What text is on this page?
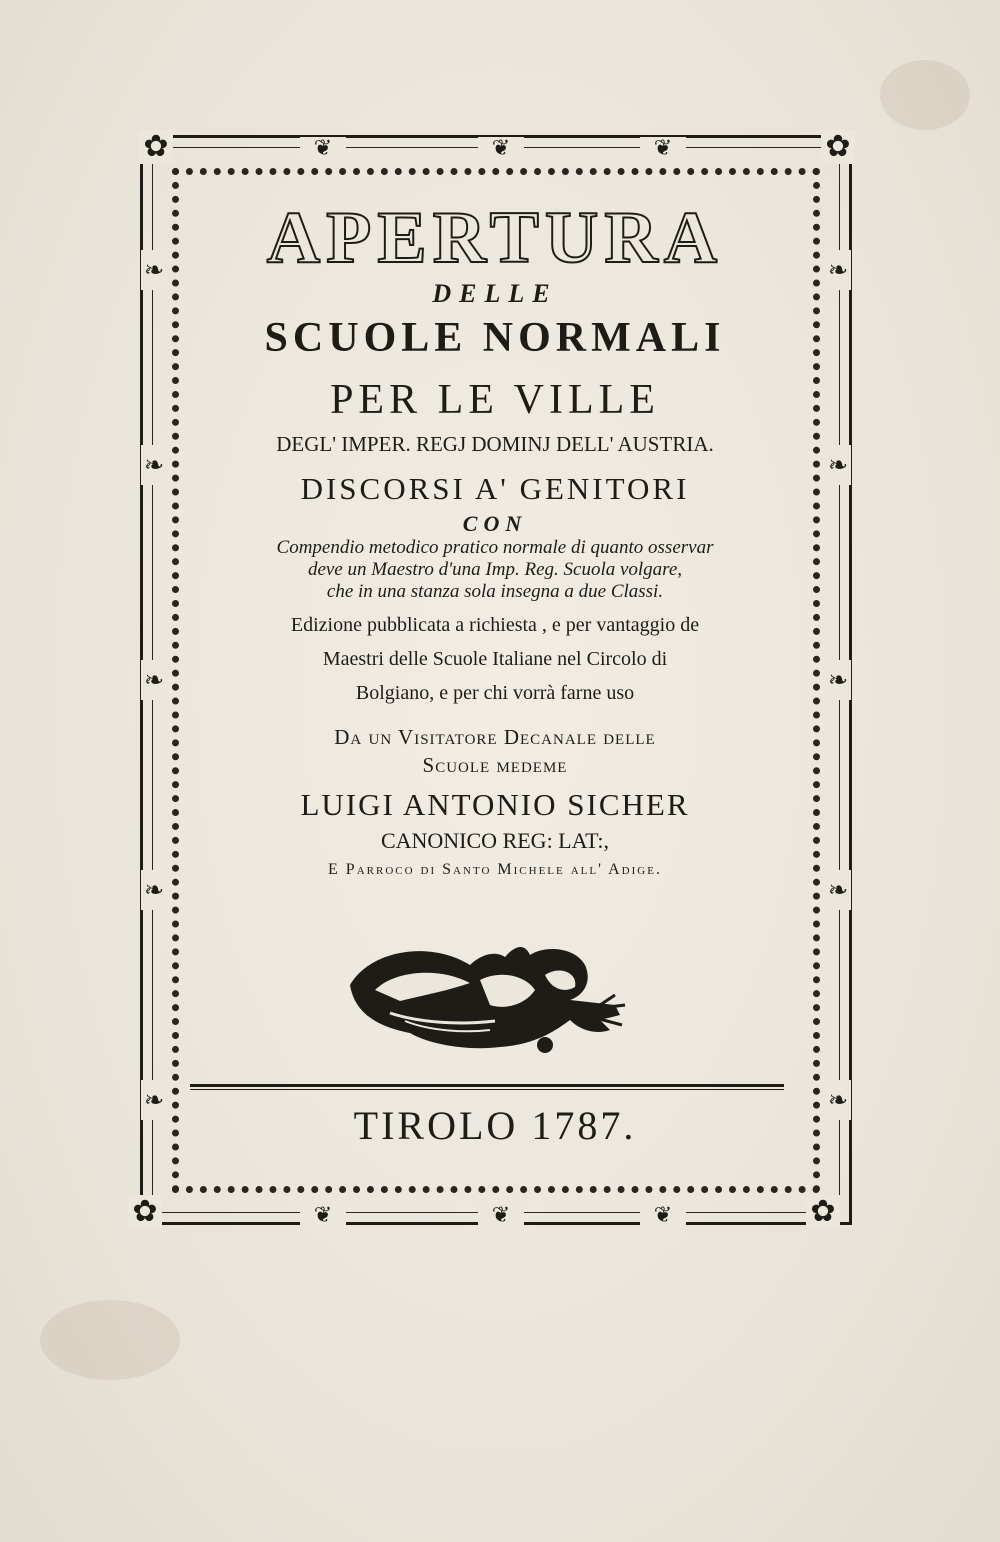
✿	✿
✿	✿
❦	❦	❦
❦	❦	❦
❧
❧
❧
❧
❧
❧
❧
❧
❧
❧
APERTURA
DELLE
SCUOLE NORMALI
PER LE VILLE
DEGL' IMPER. REGJ DOMINJ DELL' AUSTRIA.
DISCORSI A' GENITORI
CON
Compendio metodico pratico normale di quanto osservar
deve un Maestro d'una Imp. Reg. Scuola volgare,
che in una stanza sola insegna a due Classi.
Edizione pubblicata a richiesta , e per vantaggio de
Maestri delle Scuole Italiane nel Circolo di
Bolgiano, e per chi vorrà farne uso
Da un Visitatore Decanale delle
Scuole medeme
LUIGI ANTONIO SICHER
CANONICO REG: LAT:,
E Parroco di Santo Michele all' Adige.
TIROLO 1787.
